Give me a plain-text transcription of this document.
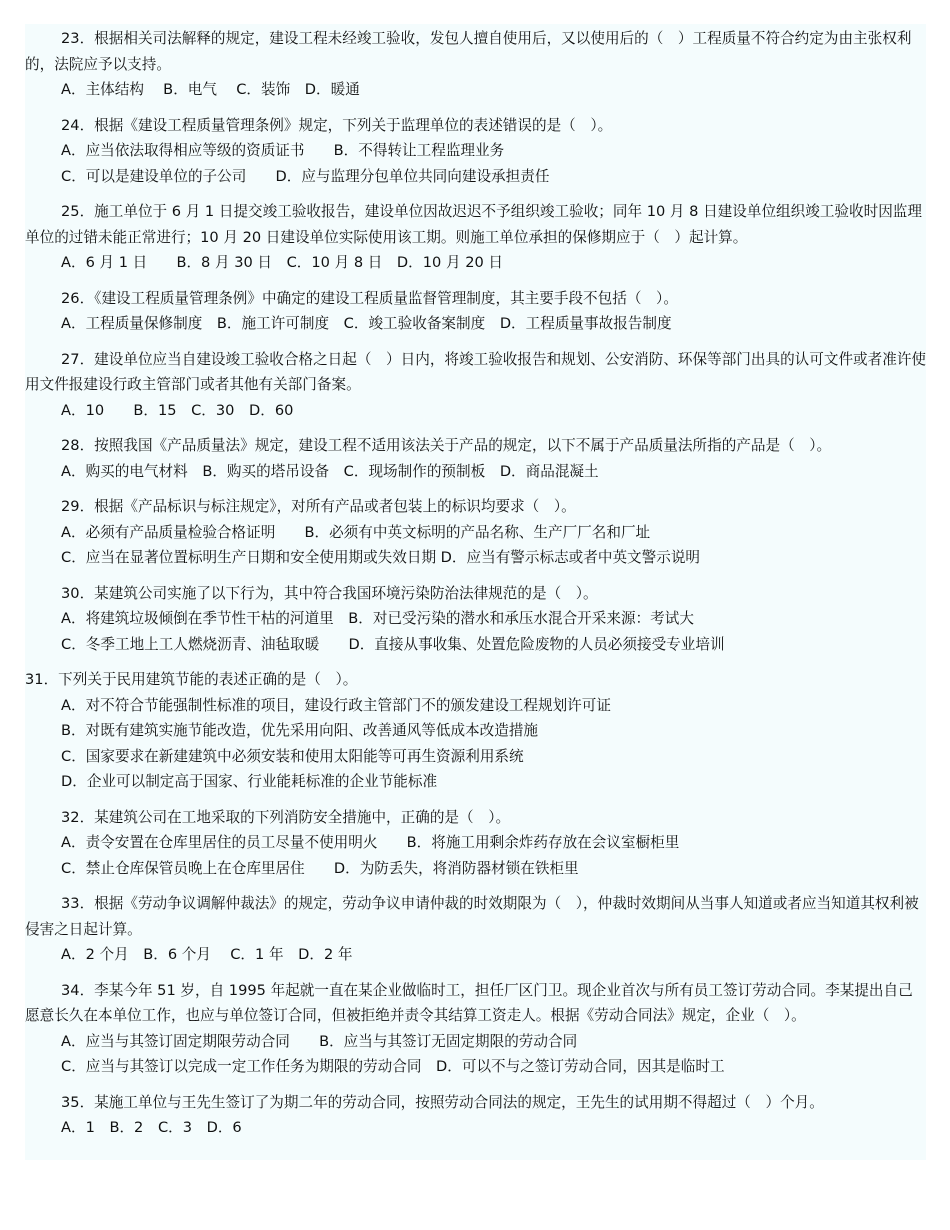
23．根据相关司法解释的规定，建设工程未经竣工验收，发包人擅自使用后，又以使用后的（　）工程质量不符合约定为由主张权利的，法院应予以支持。

A．主体结构　 B．电气　 C．装饰　D．暖通

24．根据《建设工程质量管理条例》规定，下列关于监理单位的表述错误的是（　）。

A．应当依法取得相应等级的资质证书　　B．不得转让工程监理业务

C．可以是建设单位的子公司　　D．应与监理分包单位共同向建设承担责任

25．施工单位于 6 月 1 日提交竣工验收报告，建设单位因故迟迟不予组织竣工验收；同年 10 月 8 日建设单位组织竣工验收时因监理单位的过错未能正常进行；10 月 20 日建设单位实际使用该工期。则施工单位承担的保修期应于（　）起计算。

A．6 月 1 日　　B．8 月 30 日　C．10 月 8 日　D．10 月 20 日

26．《建设工程质量管理条例》中确定的建设工程质量监督管理制度，其主要手段不包括（　）。

A．工程质量保修制度　B．施工许可制度　C．竣工验收备案制度　D．工程质量事故报告制度

27．建设单位应当自建设竣工验收合格之日起（　）日内，将竣工验收报告和规划、公安消防、环保等部门出具的认可文件或者准许使用文件报建设行政主管部门或者其他有关部门备案。

A．10　　B．15　C．30　D．60

28．按照我国《产品质量法》规定，建设工程不适用该法关于产品的规定，以下不属于产品质量法所指的产品是（　）。

A．购买的电气材料　B．购买的塔吊设备　C．现场制作的预制板　D．商品混凝土

29．根据《产品标识与标注规定》，对所有产品或者包装上的标识均要求（　）。

A．必须有产品质量检验合格证明　　B．必须有中英文标明的产品名称、生产厂厂名和厂址

C．应当在显著位置标明生产日期和安全使用期或失效日期 D．应当有警示标志或者中英文警示说明

30．某建筑公司实施了以下行为，其中符合我国环境污染防治法律规范的是（　）。

A．将建筑垃圾倾倒在季节性干枯的河道里　B．对已受污染的潜水和承压水混合开采来源：考试大

C．冬季工地上工人燃烧沥青、油毡取暖　　D．直接从事收集、处置危险废物的人员必须接受专业培训

31．下列关于民用建筑节能的表述正确的是（　）。

A．对不符合节能强制性标准的项目，建设行政主管部门不的颁发建设工程规划许可证

B．对既有建筑实施节能改造，优先采用向阳、改善通风等低成本改造措施

C．国家要求在新建建筑中必须安装和使用太阳能等可再生资源利用系统

D．企业可以制定高于国家、行业能耗标准的企业节能标准

32．某建筑公司在工地采取的下列消防安全措施中，正确的是（　）。

A．责令安置在仓库里居住的员工尽量不使用明火　　B．将施工用剩余炸药存放在会议室橱柜里

C．禁止仓库保管员晚上在仓库里居住　　D．为防丢失，将消防器材锁在铁柜里

33．根据《劳动争议调解仲裁法》的规定，劳动争议申请仲裁的时效期限为（　），仲裁时效期间从当事人知道或者应当知道其权利被侵害之日起计算。

A．2 个月　B．6 个月　 C．1 年　D．2 年

34．李某今年 51 岁，自 1995 年起就一直在某企业做临时工，担任厂区门卫。现企业首次与所有员工签订劳动合同。李某提出自己愿意长久在本单位工作，也应与单位签订合同，但被拒绝并责令其结算工资走人。根据《劳动合同法》规定，企业（　）。

A．应当与其签订固定期限劳动合同　　B．应当与其签订无固定期限的劳动合同

C．应当与其签订以完成一定工作任务为期限的劳动合同　D．可以不与之签订劳动合同，因其是临时工

35．某施工单位与王先生签订了为期二年的劳动合同，按照劳动合同法的规定，王先生的试用期不得超过（　）个月。

A．1　B．2　C．3　D．6
